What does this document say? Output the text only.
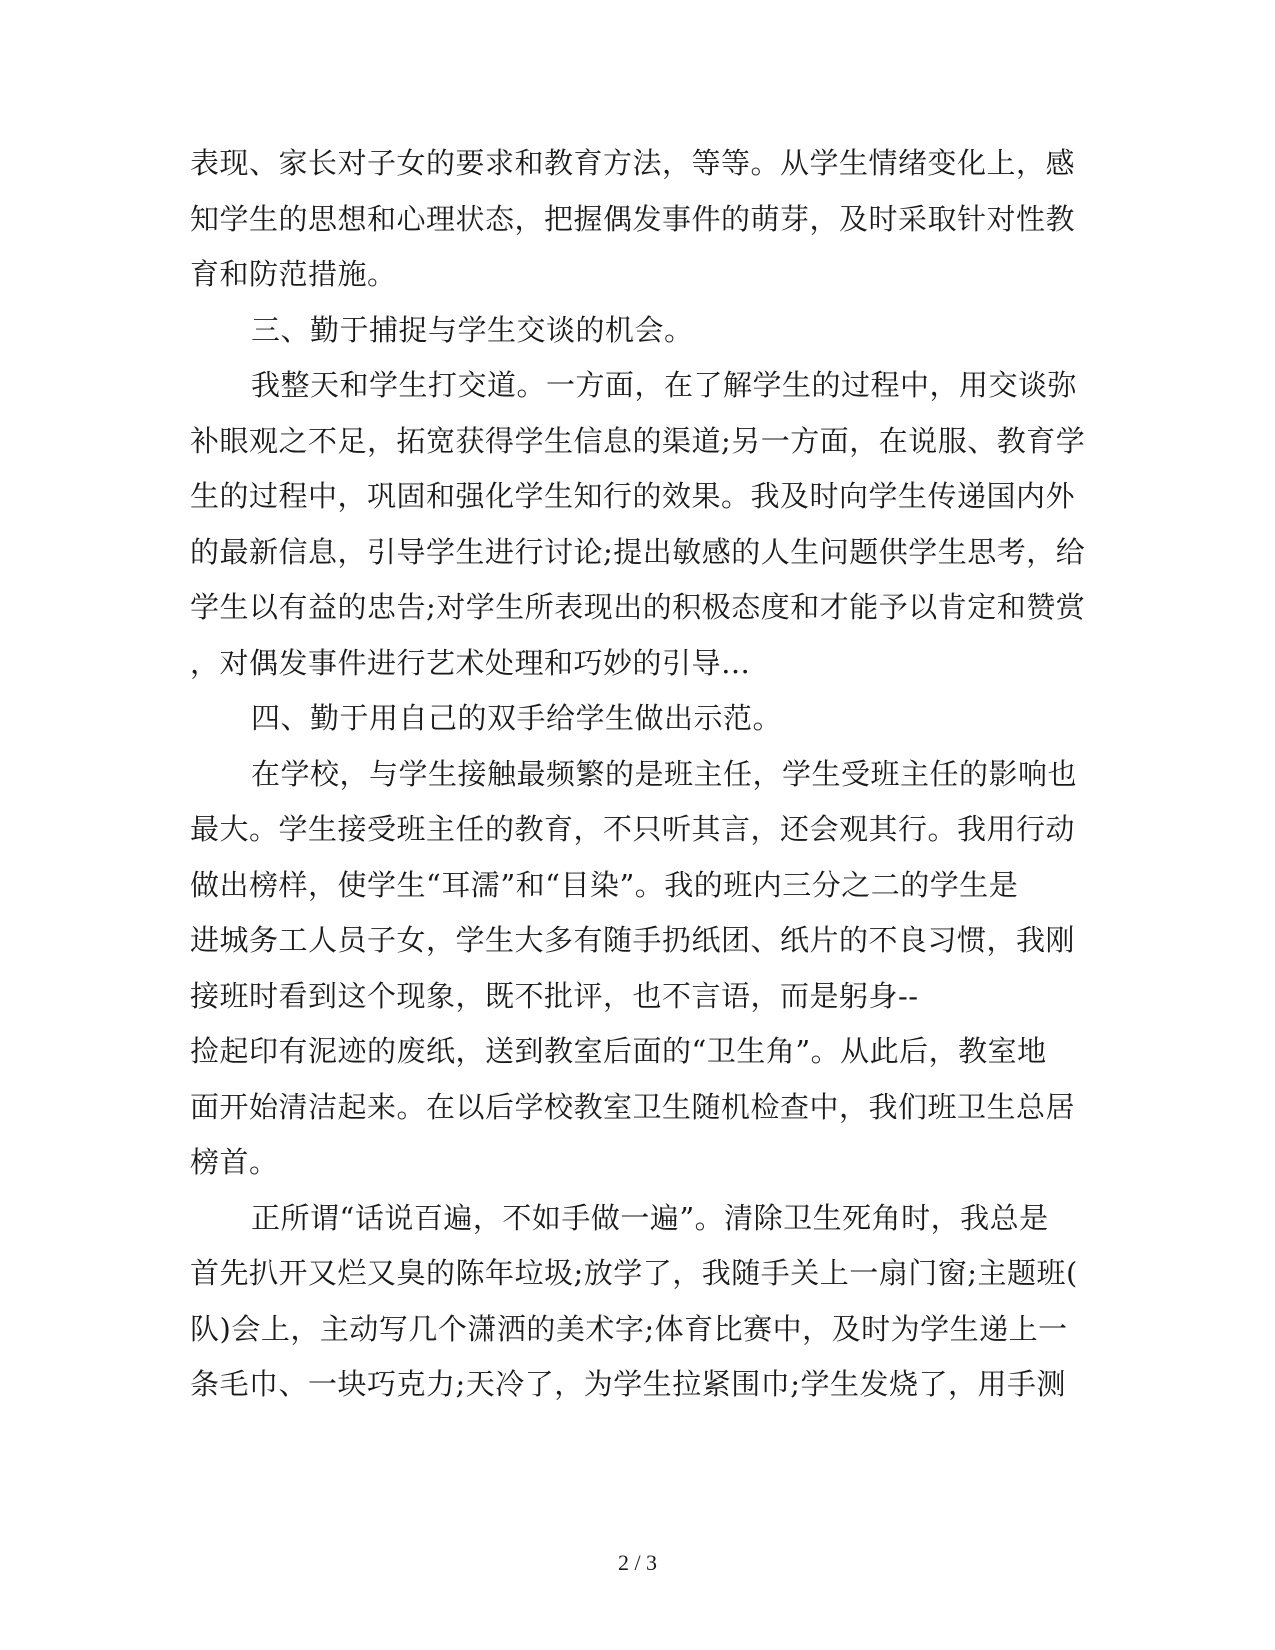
表现、家长对子女的要求和教育方法，等等。从学生情绪变化上，感
知学生的思想和心理状态，把握偶发事件的萌芽，及时采取针对性教
育和防范措施。
三、勤于捕捉与学生交谈的机会。
我整天和学生打交道。一方面，在了解学生的过程中，用交谈弥
补眼观之不足，拓宽获得学生信息的渠道;另一方面，在说服、教育学
生的过程中，巩固和强化学生知行的效果。我及时向学生传递国内外
的最新信息，引导学生进行讨论;提出敏感的人生问题供学生思考，给
学生以有益的忠告;对学生所表现出的积极态度和才能予以肯定和赞赏
，对偶发事件进行艺术处理和巧妙的引导…
四、勤于用自己的双手给学生做出示范。
在学校，与学生接触最频繁的是班主任，学生受班主任的影响也
最大。学生接受班主任的教育，不只听其言，还会观其行。我用行动
做出榜样，使学生“耳濡”和“目染”。我的班内三分之二的学生是
进城务工人员子女，学生大多有随手扔纸团、纸片的不良习惯，我刚
接班时看到这个现象，既不批评，也不言语，而是躬身--
捡起印有泥迹的废纸，送到教室后面的“卫生角”。从此后，教室地
面开始清洁起来。在以后学校教室卫生随机检查中，我们班卫生总居
榜首。
正所谓“话说百遍，不如手做一遍”。清除卫生死角时，我总是
首先扒开又烂又臭的陈年垃圾;放学了，我随手关上一扇门窗;主题班(
队)会上，主动写几个潇洒的美术字;体育比赛中，及时为学生递上一
条毛巾、一块巧克力;天冷了，为学生拉紧围巾;学生发烧了，用手测
2 / 3
